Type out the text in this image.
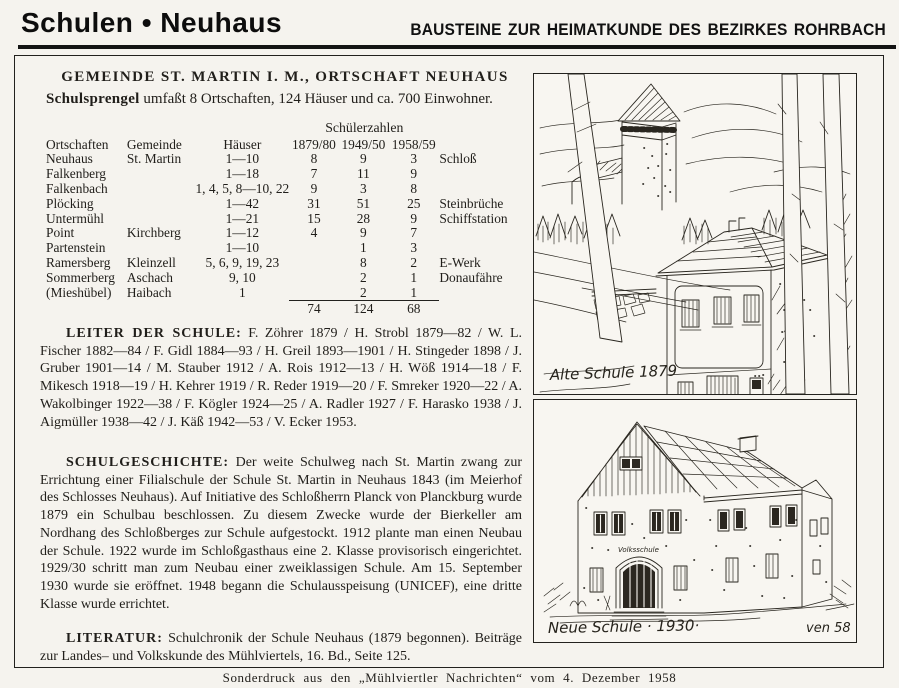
Schulen • Neuhaus	BAUSTEINE ZUR HEIMATKUNDE DES BEZIRKES ROHRBACH
GEMEINDE ST. MARTIN I. M., ORTSCHAFT NEUHAUS
Schulsprengel umfaßt 8 Ortschaften, 124 Häuser und ca. 700 Einwohner.
			Schülerzahlen			
Ortschaften	Gemeinde	Häuser	1879/80	1949/50	1958/59	
Neuhaus	St. Martin	1—10	8	9	3	Schloß
Falkenberg		1—18	7	11	9	
Falkenbach		1, 4, 5, 8—10, 22	9	3	8	
Plöcking		1—42	31	51	25	Steinbrüche
Untermühl		1—21	15	28	9	Schiffstation
Point	Kirchberg	1—12	4	9	7	
Partenstein		1—10		1	3	
Ramersberg	Kleinzell	5, 6, 9, 19, 23		8	2	E-Werk
Sommerberg	Aschach	9, 10		2	1	Donaufähre
(Mieshübel)	Haibach	1		2	1	
			74	124	68	

LEITER DER SCHULE: F. Zöhrer 1879 / H. Strobl 1879—82 / W. L. Fischer 1882—84 / F. Gidl 1884—93 / H. Greil 1893—1901 / H. Stingeder 1898 / J. Gruber 1901—14 / M. Stauber 1912 / A. Rois 1912—13 / H. Wöß 1914—18 / F. Mikesch 1918—19 / H. Kehrer 1919 / R. Reder 1919—20 / F. Smreker 1920—22 / A. Wakolbinger 1922—38 / F. Kögler 1924—25 / A. Radler 1927 / F. Harasko 1938 / J. Aigmüller 1938—42 / J. Käß 1942—53 / V. Ecker 1953.

SCHULGESCHICHTE: Der weite Schulweg nach St. Martin zwang zur Errichtung einer Filialschule der Schule St. Martin in Neuhaus 1843 (im Meierhof des Schlosses Neuhaus). Auf Initiative des Schloßherrn Planck von Planckburg wurde 1879 ein Schulbau beschlossen. Zu diesem Zwecke wurde der Bierkeller am Nordhang des Schloßberges zur Schule aufgestockt. 1912 plante man einen Neubau der Schule. 1922 wurde im Schloßgasthaus eine 2. Klasse provisorisch eingerichtet. 1929/30 schritt man zum Neubau einer zweiklassigen Schule. Am 15. September 1930 wurde sie eröffnet. 1948 begann die Schulausspeisung (UNICEF), eine dritte Klasse wurde errichtet.

LITERATUR: Schulchronik der Schule Neuhaus (1879 begonnen). Beiträge zur Landes– und Volkskunde des Mühlviertels, 16. Bd., Seite 125.

Alte Schule 1879
Volksschule
Neue Schule · 1930·	ven 58
Sonderdruck aus den „Mühlviertler Nachrichten“ vom 4. Dezember 1958
